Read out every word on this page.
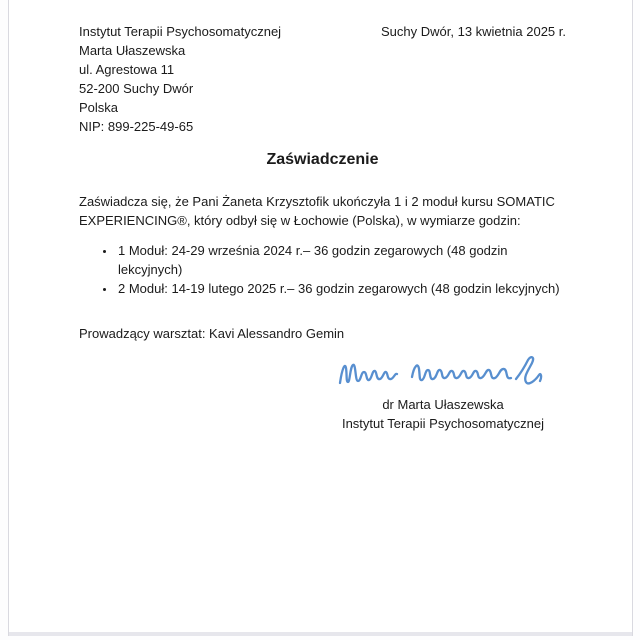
Instytut Terapii Psychosomatycznej
Marta Ułaszewska
ul. Agrestowa 11
52-200 Suchy Dwór
Polska
NIP: 899-225-49-65
Suchy Dwór, 13 kwietnia 2025 r.
Zaświadczenie

Zaświadcza się, że Pani Żaneta Krzysztofik ukończyła 1 i 2 moduł kursu SOMATIC EXPERIENCING®, który odbył się w Łochowie (Polska), w wymiarze godzin:

• 1 Moduł: 24-29 września 2024 r.– 36 godzin zegarowych (48 godzin lekcyjnych)
• 2 Moduł: 14-19 lutego 2025 r.– 36 godzin zegarowych (48 godzin lekcyjnych)

Prowadzący warsztat: Kavi Alessandro Gemin

dr Marta Ułaszewska
Instytut Terapii Psychosomatycznej
